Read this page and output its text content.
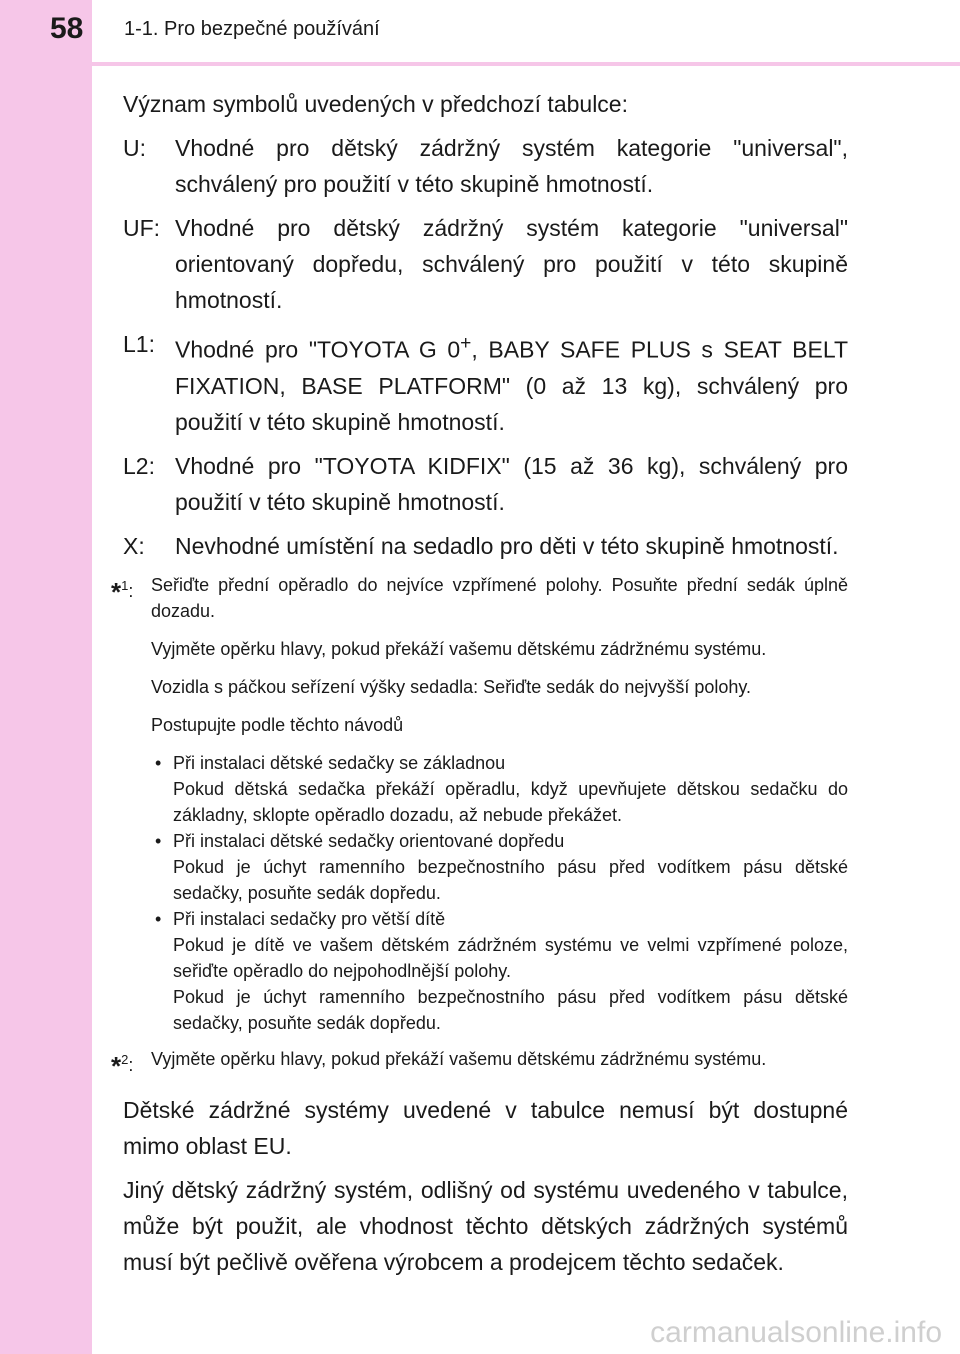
58 1-1. Pro bezpečné používání

Význam symbolů uvedených v předchozí tabulce:

U:	Vhodné pro dětský zádržný systém kategorie "universal", schválený pro použití v této skupině hmotností.
UF: Vhodné pro dětský zádržný systém kategorie "universal" orientovaný dopředu, schválený pro použití v této skupině hmotností.
L1: Vhodné pro "TOYOTA G 0+, BABY SAFE PLUS s SEAT BELT FIXATION, BASE PLATFORM" (0 až 13 kg), schválený pro použití v této skupině hmotností.
L2: Vhodné pro "TOYOTA KIDFIX" (15 až 36 kg), schválený pro použití v této skupině hmotností.
X:	Nevhodné umístění na sedadlo pro děti v této skupině hmotností.
*$^1$: Seřiďte přední opěradlo do nejvíce vzpřímené polohy. Posuňte přední sedák úplně dozadu.

Vyjměte opěrku hlavy, pokud překáží vašemu dětskému zádržnému systému.

Vozidla s páčkou seřízení výšky sedadla: Seřiďte sedák do nejvyšší polohy.

Postupujte podle těchto návodů

• Při instalaci dětské sedačky se základnou
Pokud dětská sedačka překáží opěradlu, když upevňujete dětskou sedačku do základny, sklopte opěradlo dozadu, až nebude překážet.
• Při instalaci dětské sedačky orientované dopředu
Pokud je úchyt ramenního bezpečnostního pásu před vodítkem pásu dětské sedačky, posuňte sedák dopředu.
• Při instalaci sedačky pro větší dítě
Pokud je dítě ve vašem dětském zádržném systému ve velmi vzpřímené poloze, seřiďte opěradlo do nejpohodlnější polohy.
Pokud je úchyt ramenního bezpečnostního pásu před vodítkem pásu dětské sedačky, posuňte sedák dopředu.
*$^2$: Vyjměte opěrku hlavy, pokud překáží vašemu dětskému zádržnému systému.

Dětské zádržné systémy uvedené v tabulce nemusí být dostupné mimo oblast EU.

Jiný dětský zádržný systém, odlišný od systému uvedeného v tabulce, může být použit, ale vhodnost těchto dětských zádržných systémů musí být pečlivě ověřena výrobcem a prodejcem těchto sedaček.

carmanualsonline.info
